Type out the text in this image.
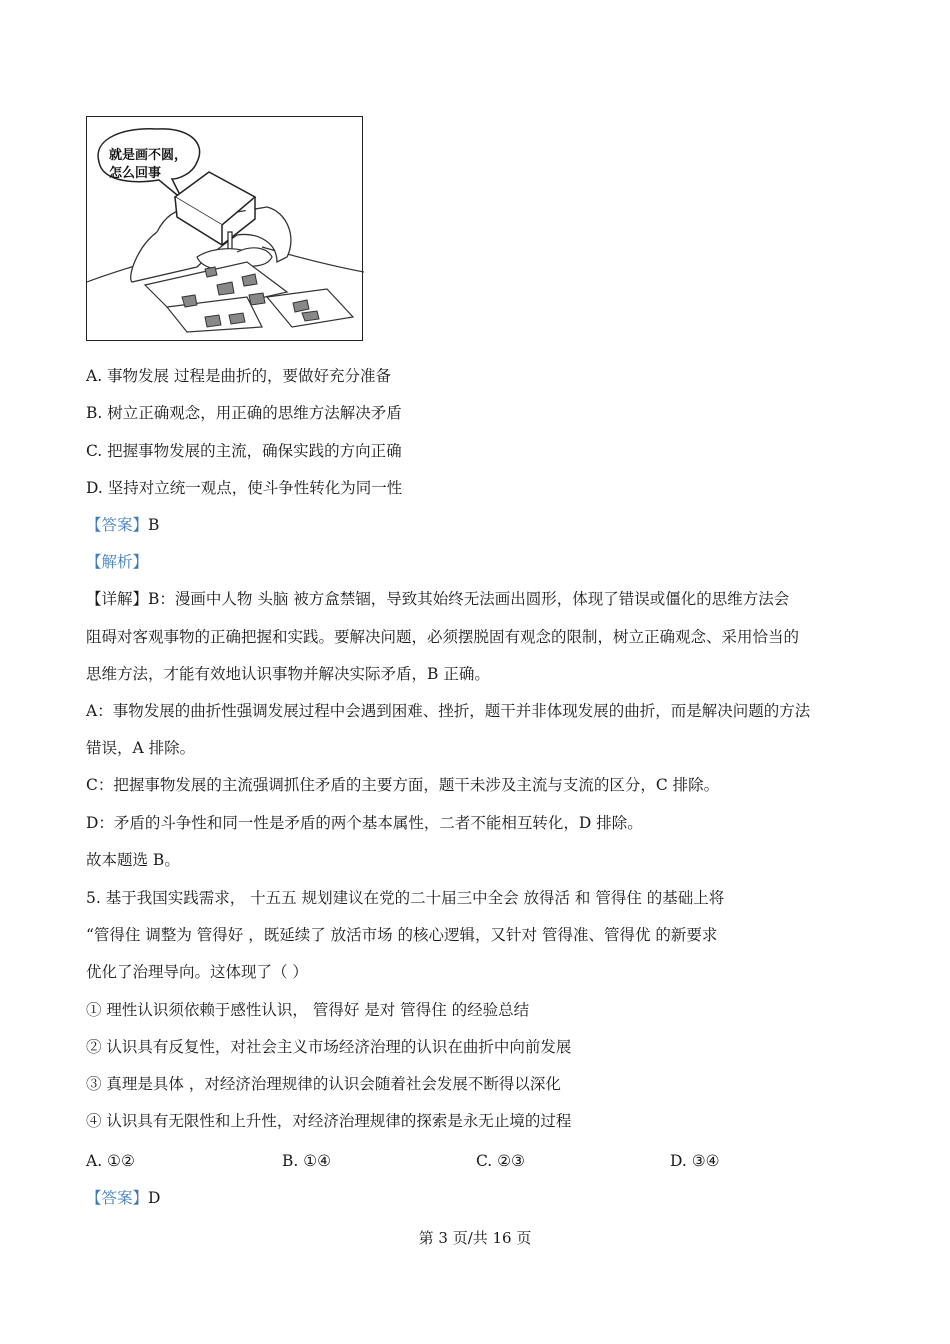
就是画不圆，
怎么回事
A. 事物发展 过程是曲折的，要做好充分准备
B. 树立正确观念，用正确的思维方法解决矛盾
C. 把握事物发展的主流，确保实践的方向正确
D. 坚持对立统一观点，使斗争性转化为同一性
【答案】B
【解析】
【详解】B：漫画中人物 头脑 被方盒禁锢，导致其始终无法画出圆形，体现了错误或僵化的思维方法会
阻碍对客观事物的正确把握和实践。要解决问题，必须摆脱固有观念的限制，树立正确观念、采用恰当的
思维方法，才能有效地认识事物并解决实际矛盾，B 正确。
A：事物发展的曲折性强调发展过程中会遇到困难、挫折，题干并非体现发展的曲折，而是解决问题的方法
错误，A 排除。
C：把握事物发展的主流强调抓住矛盾的主要方面，题干未涉及主流与支流的区分，C 排除。
D：矛盾的斗争性和同一性是矛盾的两个基本属性，二者不能相互转化，D 排除。
故本题选 B。
5. 基于我国实践需求， 十五五 规划建议在党的二十届三中全会 放得活 和 管得住 的基础上将
“管得住 调整为 管得好 ，既延续了 放活市场 的核心逻辑，又针对 管得准、管得优 的新要求
优化了治理导向。这体现了（ ）
① 理性认识须依赖于感性认识， 管得好 是对 管得住 的经验总结
② 认识具有反复性，对社会主义市场经济治理的认识在曲折中向前发展
③ 真理是具体 ，对经济治理规律的认识会随着社会发展不断得以深化
④ 认识具有无限性和上升性，对经济治理规律的探索是永无止境的过程
A. ①②	B. ①④	C. ②③	D. ③④
【答案】D
第 3 页/共 16 页
